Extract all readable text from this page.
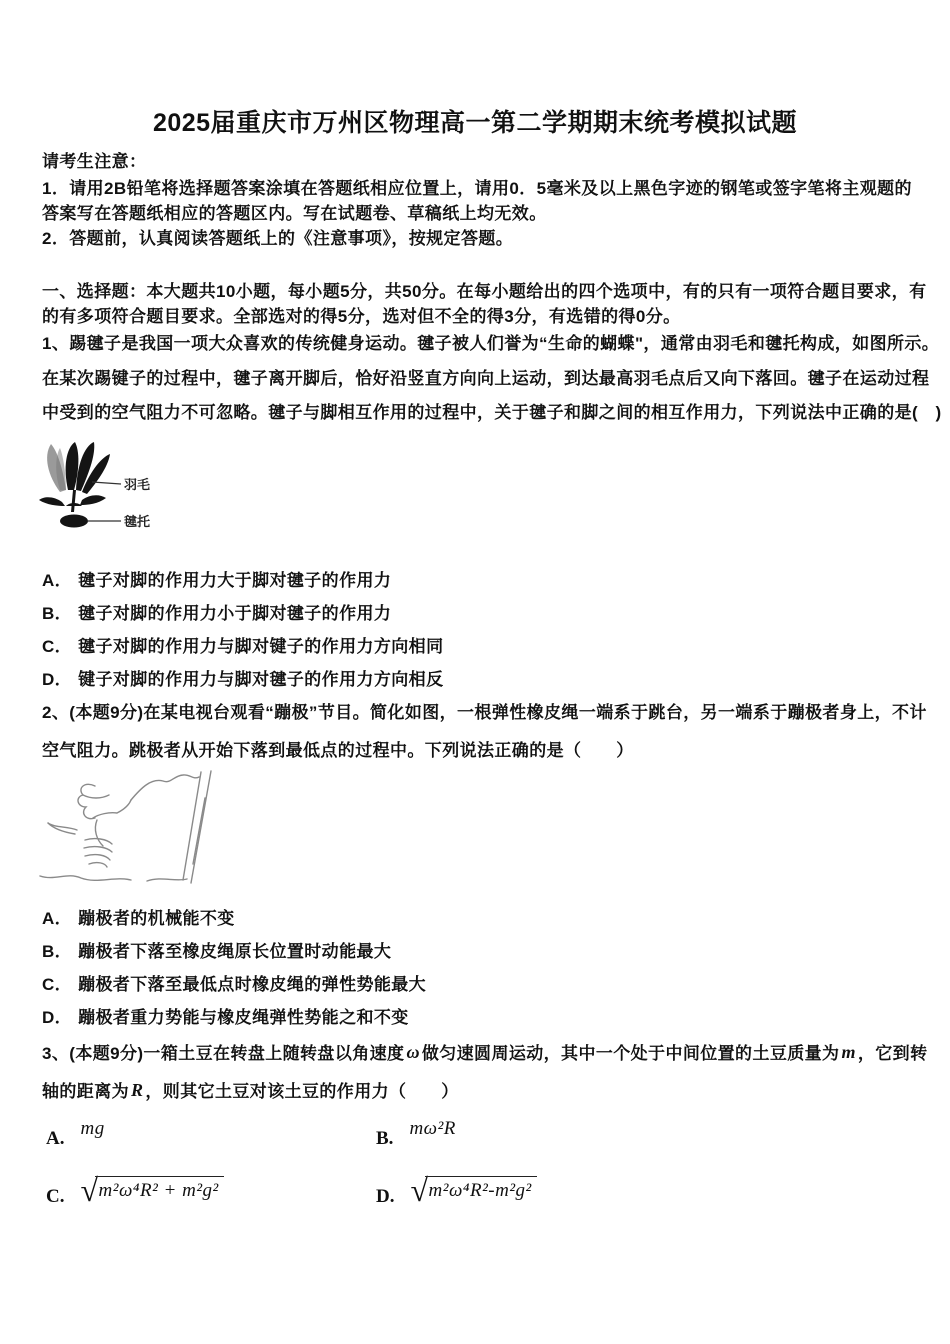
2025届重庆市万州区物理高一第二学期期末统考模拟试题
请考生注意：
1．请用2B铅笔将选择题答案涂填在答题纸相应位置上，请用0．5毫米及以上黑色字迹的钢笔或签字笔将主观题的
答案写在答题纸相应的答题区内。写在试题卷、草稿纸上均无效。
2．答题前，认真阅读答题纸上的《注意事项》，按规定答题。
一、选择题：本大题共10小题，每小题5分，共50分。在每小题给出的四个选项中，有的只有一项符合题目要求，有
的有多项符合题目要求。全部选对的得5分，选对但不全的得3分，有选错的得0分。
1、踢毽子是我国一项大众喜欢的传统健身运动。毽子被人们誉为“生命的蝴蝶"，通常由羽毛和毽托构成，如图所示。
在某次踢键子的过程中，毽子离开脚后，恰好沿竖直方向向上运动，到达最高羽毛点后又向下落回。毽子在运动过程
中受到的空气阻力不可忽略。毽子与脚相互作用的过程中，关于毽子和脚之间的相互作用力，下列说法中正确的是(　)
羽毛
毽托
A． 毽子对脚的作用力大于脚对毽子的作用力
B． 毽子对脚的作用力小于脚对毽子的作用力
C． 毽子对脚的作用力与脚对键子的作用力方向相同
D． 键子对脚的作用力与脚对毽子的作用力方向相反
2、(本题9分)在某电视台观看“蹦极”节目。简化如图，一根弹性橡皮绳一端系于跳台，另一端系于蹦极者身上，不计
空气阻力。跳极者从开始下落到最低点的过程中。下列说法正确的是（　　）
A． 蹦极者的机械能不变
B． 蹦极者下落至橡皮绳原长位置时动能最大
C． 蹦极者下落至最低点时橡皮绳的弹性势能最大
D． 蹦极者重力势能与橡皮绳弹性势能之和不变
3、(本题9分)一箱土豆在转盘上随转盘以角速度 ω 做匀速圆周运动，其中一个处于中间位置的土豆质量为 m ，它到转
轴的距离为 R ，则其它土豆对该土豆的作用力（　　）
A. mg	B. mω²R
C. √ m²ω⁴R² + m²g²	D. √ m²ω⁴R²-m²g²
